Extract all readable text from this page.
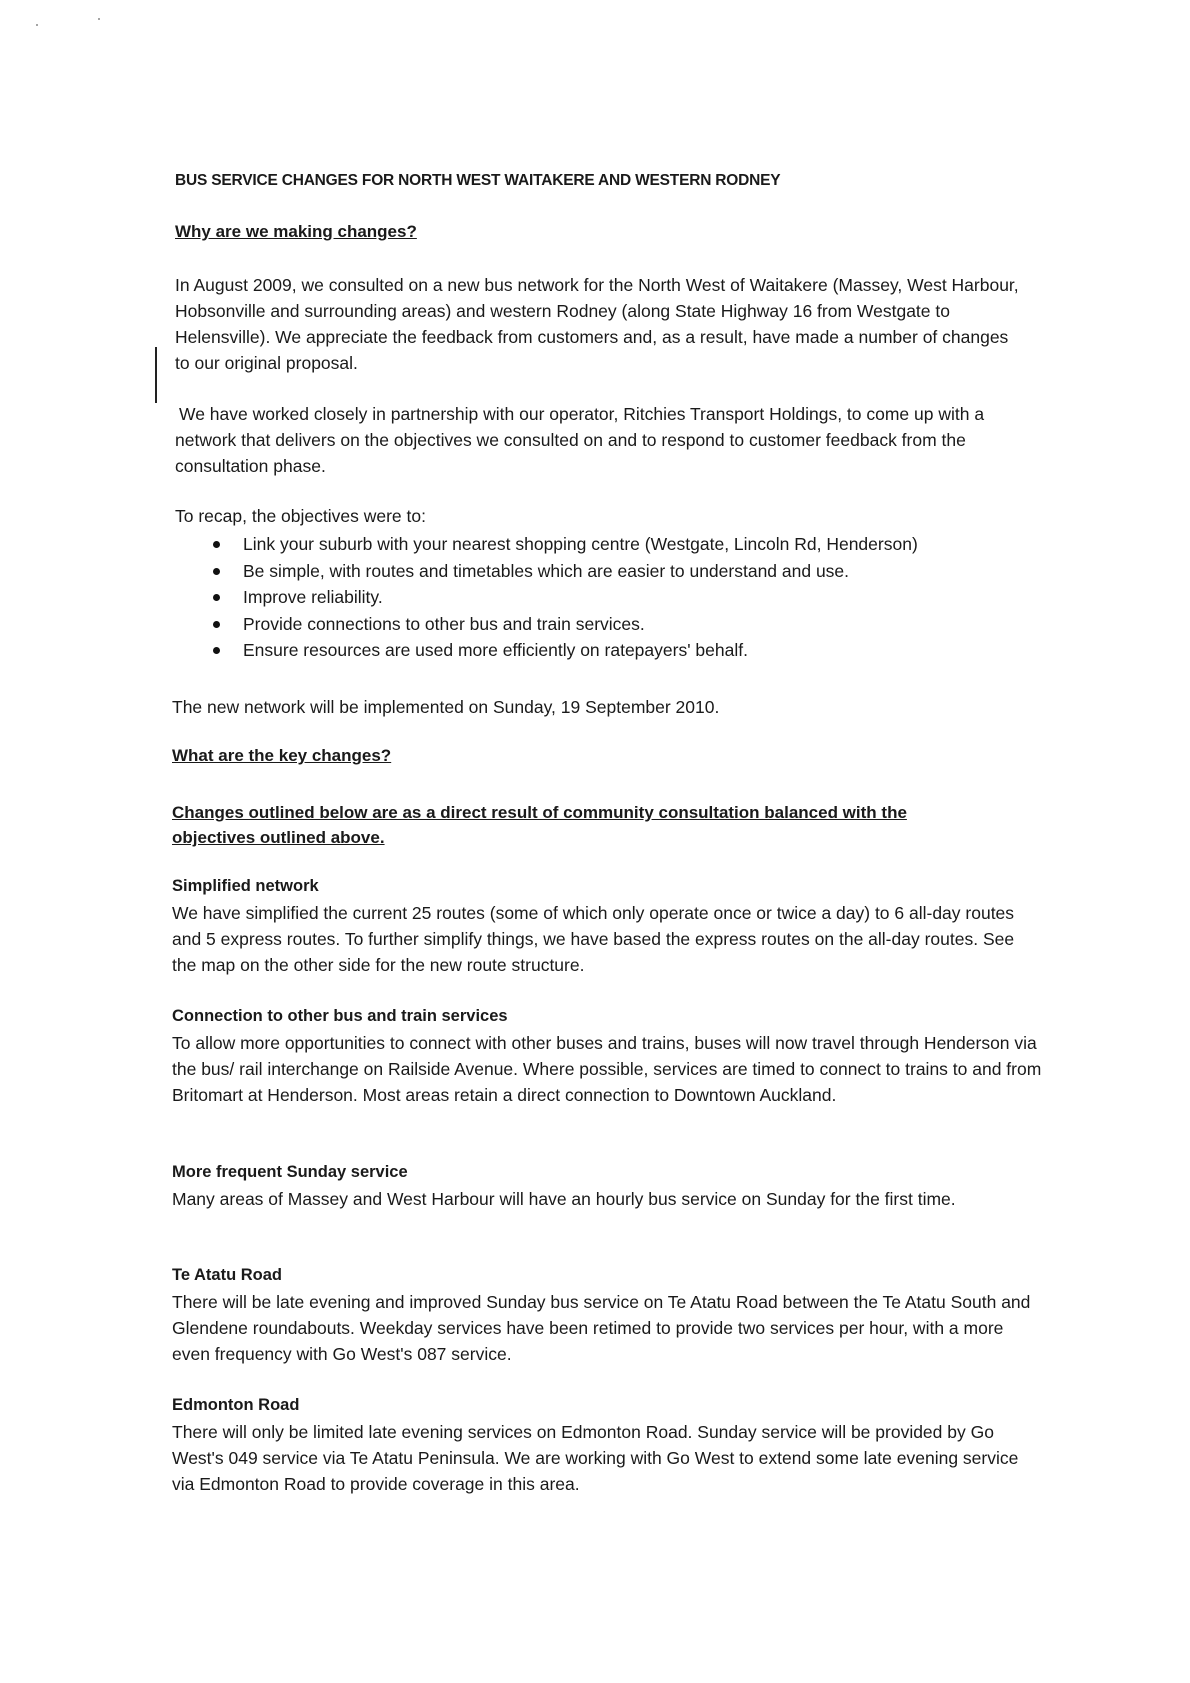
BUS SERVICE CHANGES FOR NORTH WEST WAITAKERE AND WESTERN RODNEY
Why are we making changes?

In August 2009, we consulted on a new bus network for the North West of Waitakere (Massey, West Harbour, Hobsonville and surrounding areas) and western Rodney (along State Highway 16 from Westgate to Helensville). We appreciate the feedback from customers and, as a result, have made a number of changes to our original proposal.

We have worked closely in partnership with our operator, Ritchies Transport Holdings, to come up with a network that delivers on the objectives we consulted on and to respond to customer feedback from the consultation phase.

To recap, the objectives were to:

Link your suburb with your nearest shopping centre (Westgate, Lincoln Rd, Henderson)
Be simple, with routes and timetables which are easier to understand and use.
Improve reliability.
Provide connections to other bus and train services.
Ensure resources are used more efficiently on ratepayers' behalf.

The new network will be implemented on Sunday, 19 September 2010.

What are the key changes?

Changes outlined below are as a direct result of community consultation balanced with the objectives outlined above.

Simplified network

We have simplified the current 25 routes (some of which only operate once or twice a day) to 6 all-day routes and 5 express routes. To further simplify things, we have based the express routes on the all-day routes. See the map on the other side for the new route structure.

Connection to other bus and train services

To allow more opportunities to connect with other buses and trains, buses will now travel through Henderson via the bus/ rail interchange on Railside Avenue. Where possible, services are timed to connect to trains to and from Britomart at Henderson. Most areas retain a direct connection to Downtown Auckland.

More frequent Sunday service

Many areas of Massey and West Harbour will have an hourly bus service on Sunday for the first time.

Te Atatu Road

There will be late evening and improved Sunday bus service on Te Atatu Road between the Te Atatu South and Glendene roundabouts. Weekday services have been retimed to provide two services per hour, with a more even frequency with Go West's 087 service.

Edmonton Road

There will only be limited late evening services on Edmonton Road. Sunday service will be provided by Go West's 049 service via Te Atatu Peninsula. We are working with Go West to extend some late evening service via Edmonton Road to provide coverage in this area.
